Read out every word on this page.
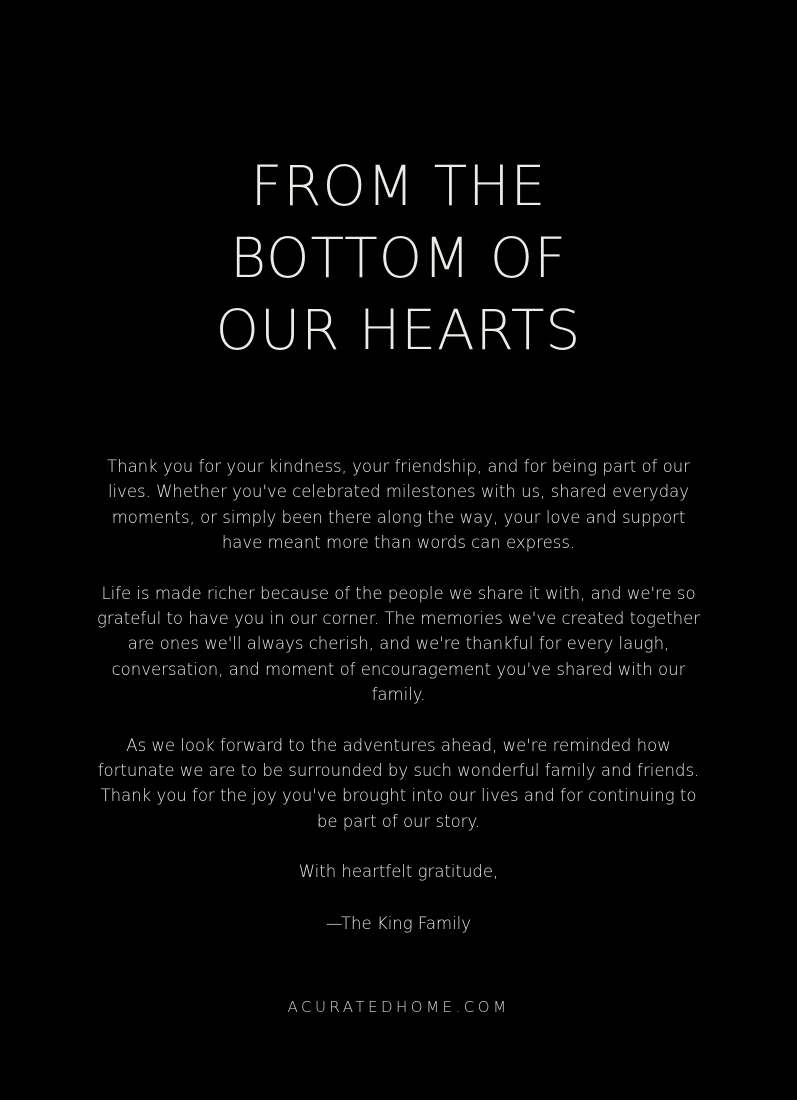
FROM THE
BOTTOM OF
OUR HEARTS

Thank you for your kindness, your friendship, and for being part of our lives. Whether you've celebrated milestones with us, shared everyday moments, or simply been there along the way, your love and support have meant more than words can express.

Life is made richer because of the people we share it with, and we're so grateful to have you in our corner. The memories we've created together are ones we'll always cherish, and we're thankful for every laugh, conversation, and moment of encouragement you've shared with our family.

As we look forward to the adventures ahead, we're reminded how fortunate we are to be surrounded by such wonderful family and friends. Thank you for the joy you've brought into our lives and for continuing to be part of our story.

With heartfelt gratitude,

—The King Family

ACURATEDHOME.COM
